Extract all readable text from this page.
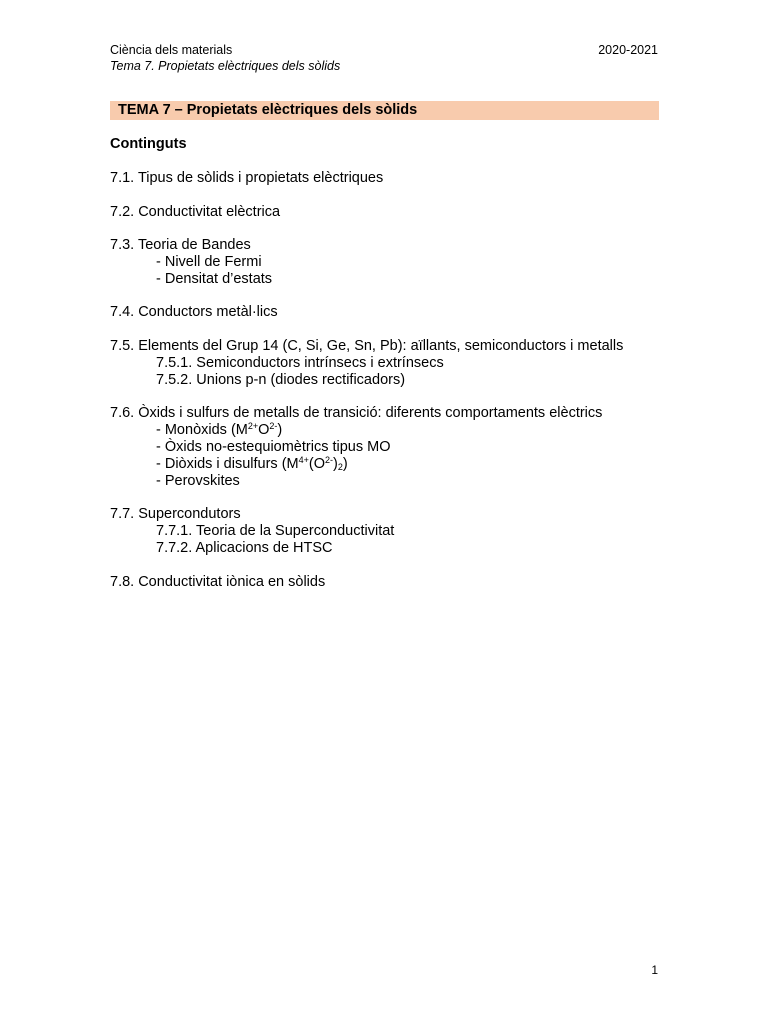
Ciència dels materials
Tema 7. Propietats elèctriques dels sòlids
2020-2021
TEMA 7 – Propietats elèctriques dels sòlids
Continguts
7.1. Tipus de sòlids i propietats elèctriques
7.2. Conductivitat elèctrica
7.3. Teoria de Bandes
- Nivell de Fermi
- Densitat d’estats
7.4. Conductors metàl·lics
7.5. Elements del Grup 14 (C, Si, Ge, Sn, Pb): aïllants, semiconductors i metalls
7.5.1. Semiconductors intrínsecs i extrínsecs
7.5.2. Unions p-n (diodes rectificadors)
7.6. Òxids i sulfurs de metalls de transició: diferents comportaments elèctrics
- Monòxids $(M^{2+}O^{2-})$
- Òxids no-estequiomètrics tipus MO
- Diòxids i disulfurs $(M^{4+}(O^{2-})_2)$
- Perovskites
7.7. Supercondutors
7.7.1. Teoria de la Superconductivitat
7.7.2. Aplicacions de HTSC
7.8. Conductivitat iònica en sòlids
1
